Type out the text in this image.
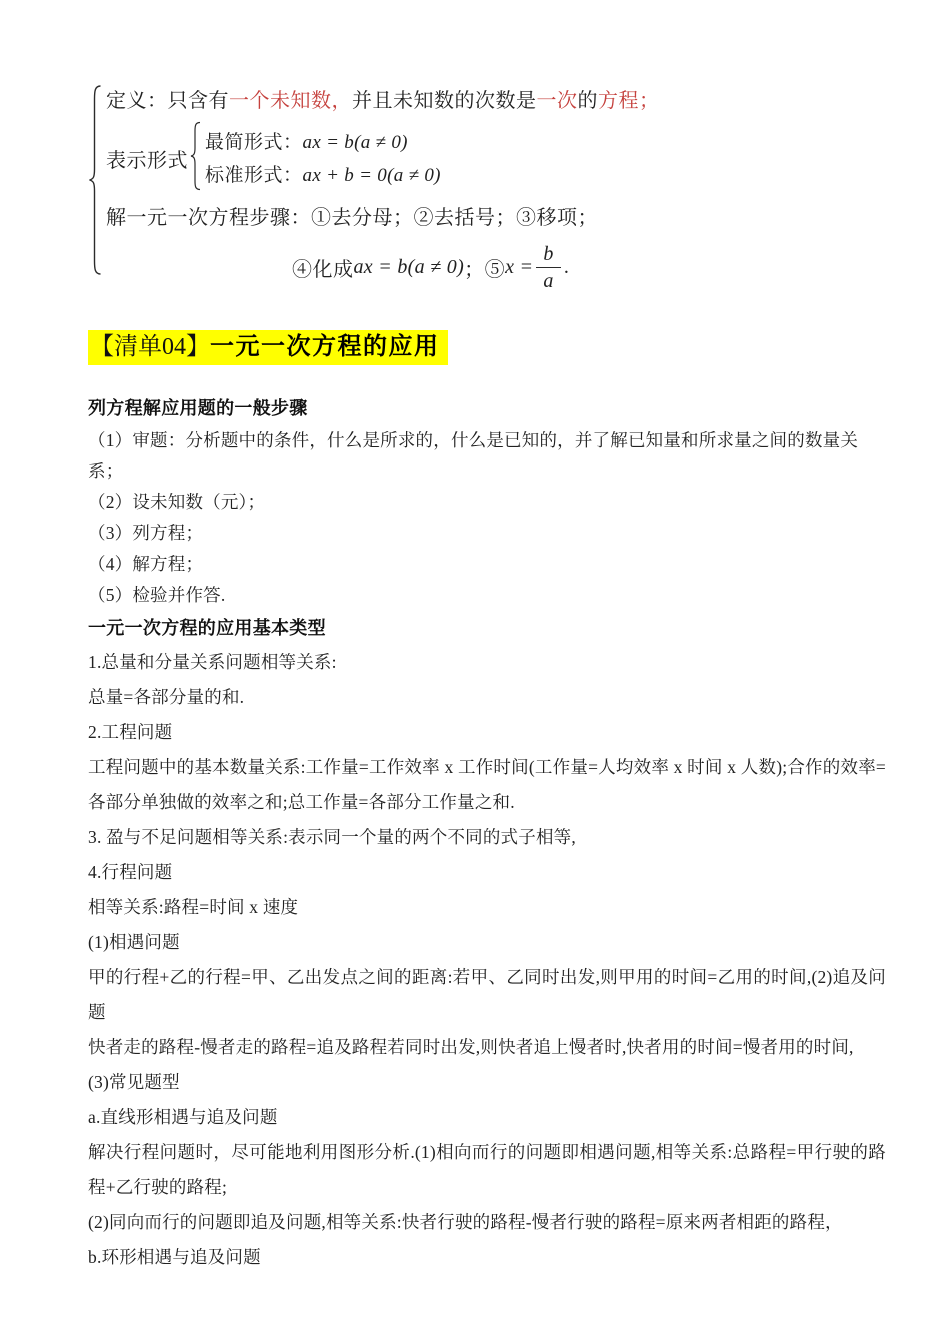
定义：只含有一个未知数，并且未知数的次数是一次的方程；
表示形式
最简形式：ax = b(a ≠ 0)
标准形式：ax + b = 0(a ≠ 0)
解一元一次方程步骤：①去分母；②去括号；③移项；
④化成 ax = b(a ≠ 0) ；⑤ $x = \frac{b}{a}$ .
【清单04】一元一次方程的应用

列方程解应用题的一般步骤

（1）审题：分析题中的条件，什么是所求的，什么是已知的，并了解已知量和所求量之间的数量关系；

（2）设未知数（元）；

（3）列方程；

（4）解方程；

（5）检验并作答.

一元一次方程的应用基本类型

1.总量和分量关系问题相等关系:

总量=各部分量的和.

2.工程问题

工程问题中的基本数量关系:工作量=工作效率 x 工作时间(工作量=人均效率 x 时间 x 人数);合作的效率=各部分单独做的效率之和;总工作量=各部分工作量之和.

3. 盈与不足问题相等关系:表示同一个量的两个不同的式子相等,

4.行程问题

相等关系:路程=时间 x 速度

(1)相遇问题

甲的行程+乙的行程=甲、乙出发点之间的距离:若甲、乙同时出发,则甲用的时间=乙用的时间,(2)追及问题

快者走的路程-慢者走的路程=追及路程若同时出发,则快者追上慢者时,快者用的时间=慢者用的时间,

(3)常见题型

a.直线形相遇与追及问题

解决行程问题时，尽可能地利用图形分析.(1)相向而行的问题即相遇问题,相等关系:总路程=甲行驶的路程+乙行驶的路程;

(2)同向而行的问题即追及问题,相等关系:快者行驶的路程-慢者行驶的路程=原来两者相距的路程，

b.环形相遇与追及问题
